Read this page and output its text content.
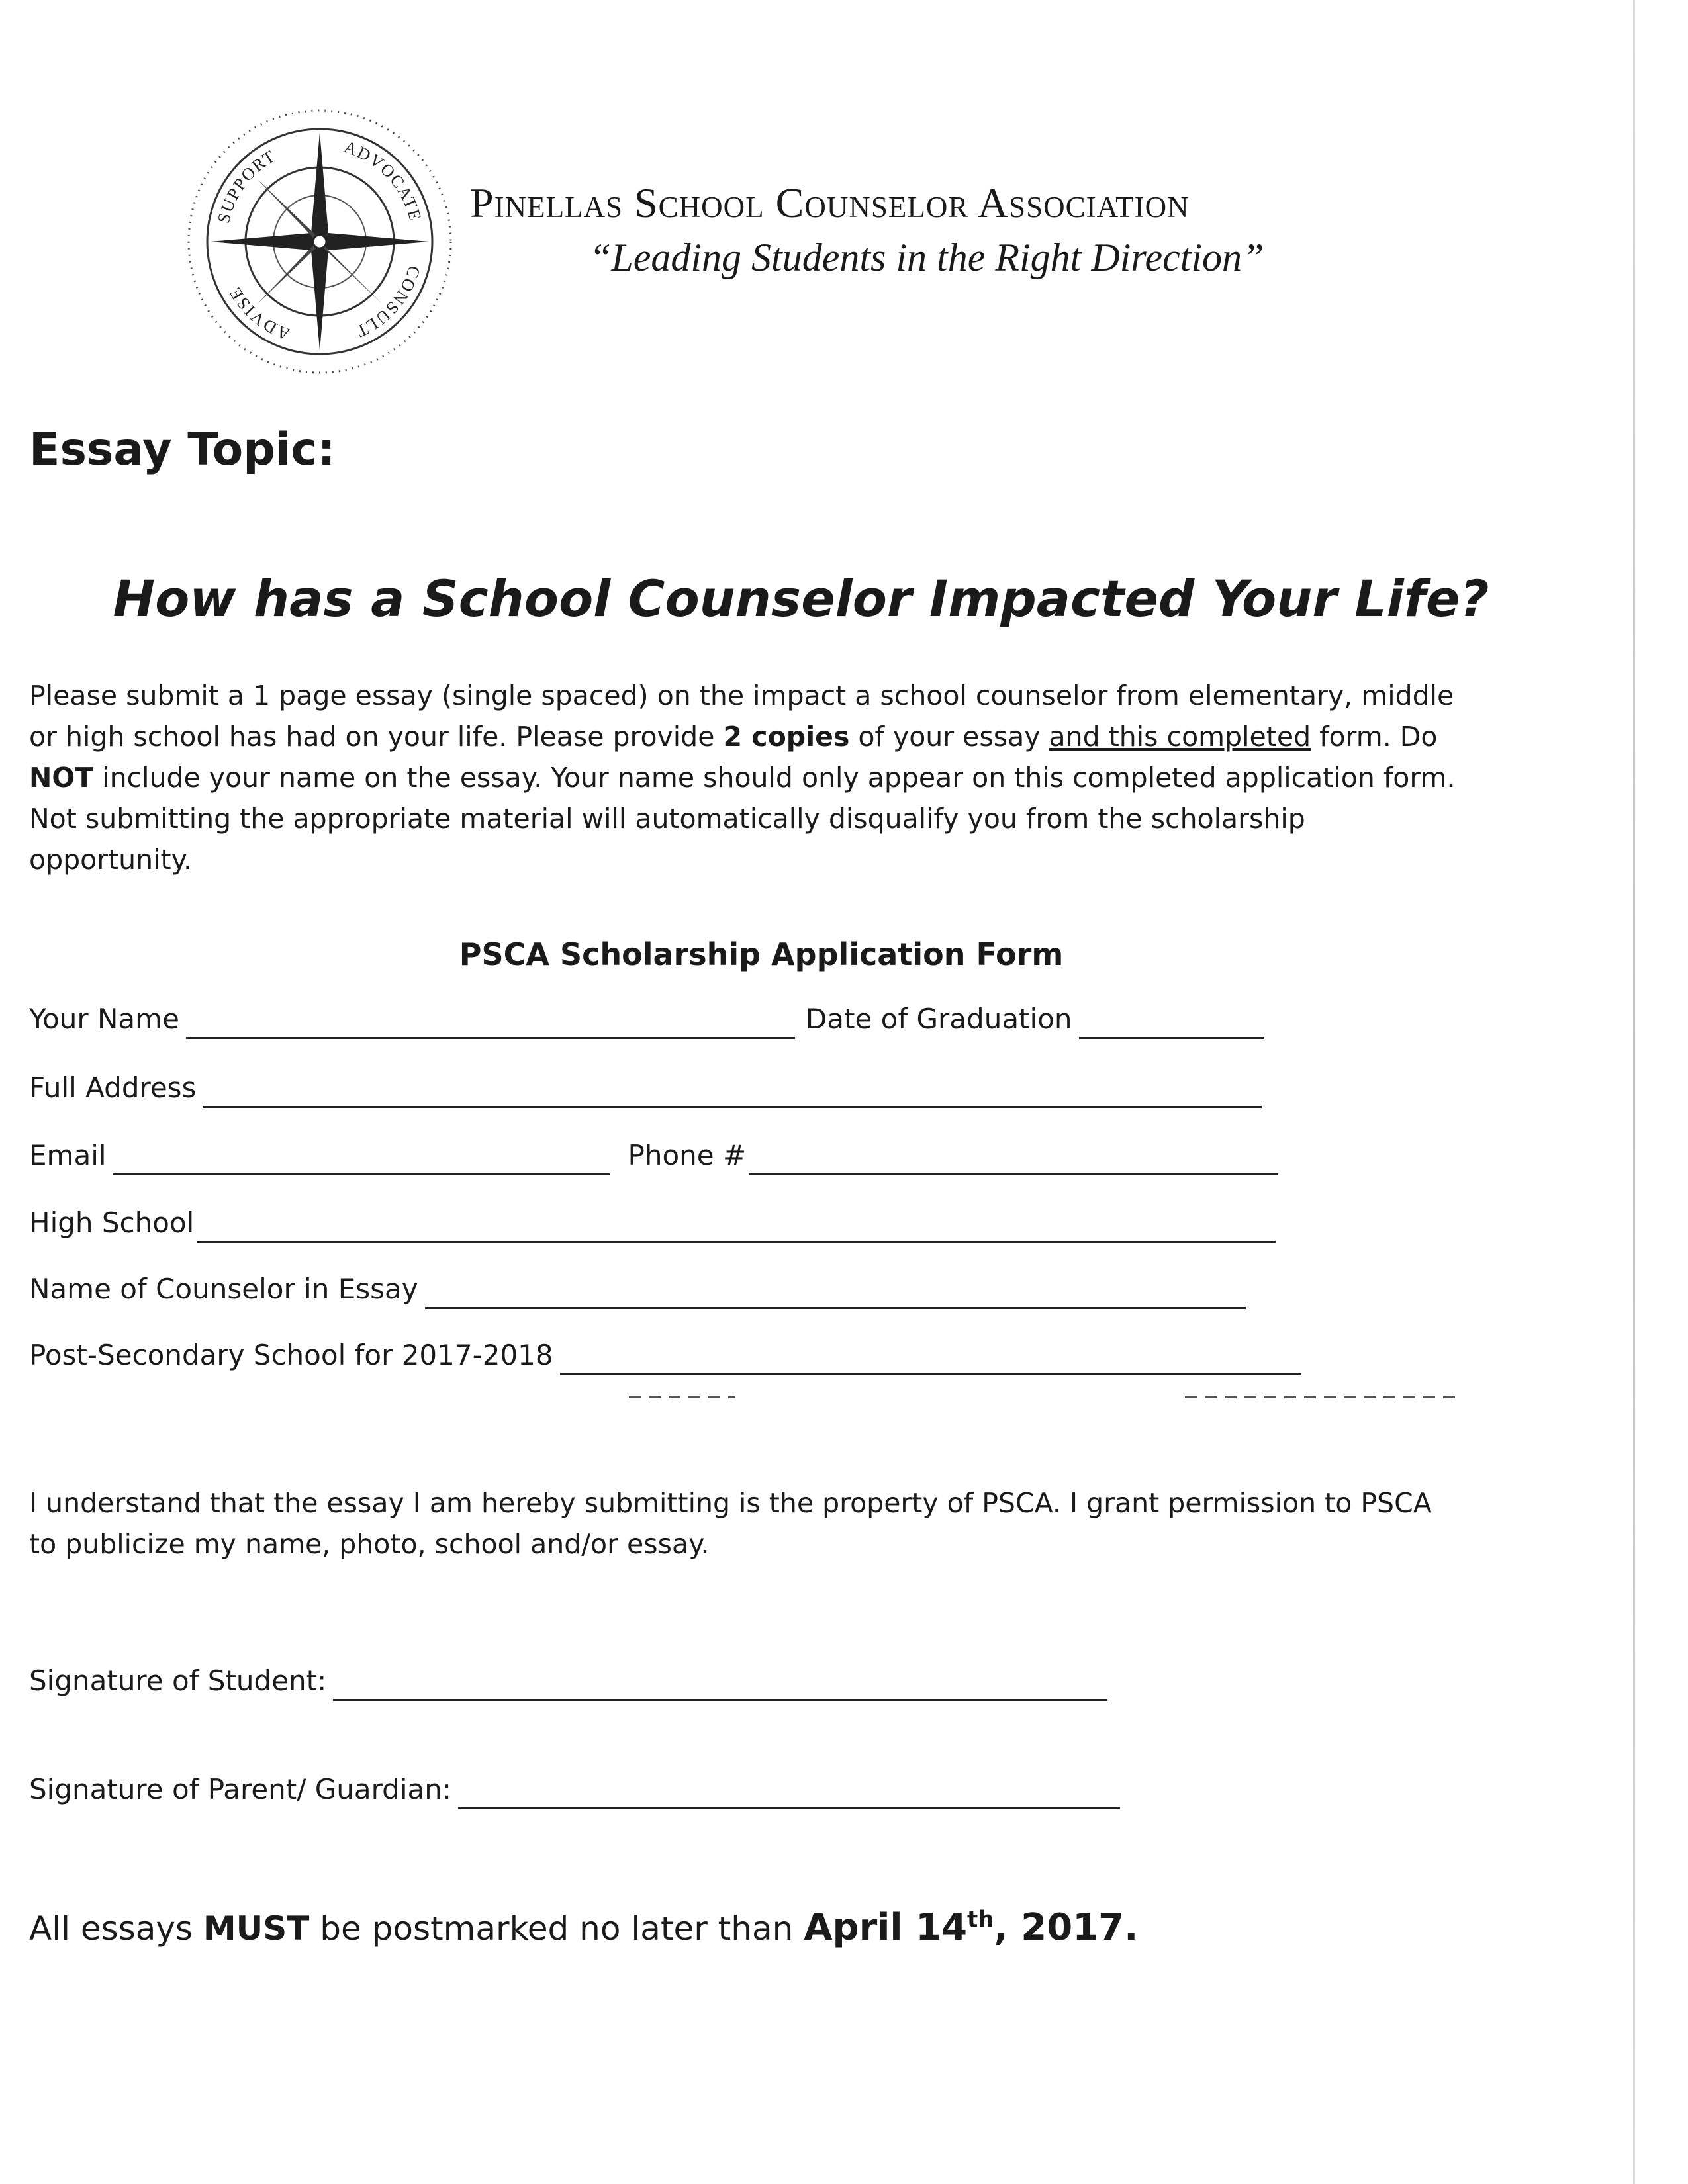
SUPPORT	ADVOCATE
CONSULT
ADVISE
Pinellas School Counselor Association
“Leading Students in the Right Direction”
Essay Topic:
How has a School Counselor Impacted Your Life?

Please submit a 1 page essay (single spaced) on the impact a school counselor from elementary, middle or high school has had on your life. Please provide 2 copies of your essay and this completed form. Do NOT include your name on the essay. Your name should only appear on this completed application form. Not submitting the appropriate material will automatically disqualify you from the scholarship opportunity.

PSCA Scholarship Application Form
Your Name	Date of Graduation
Full Address
Email	Phone #
High School
Name of Counselor in Essay
Post-Secondary School for 2017-2018

I understand that the essay I am hereby submitting is the property of PSCA. I grant permission to PSCA to publicize my name, photo, school and/or essay.

Signature of Student:
Signature of Parent/ Guardian:
All essays MUST be postmarked no later than April 14th, 2017.
